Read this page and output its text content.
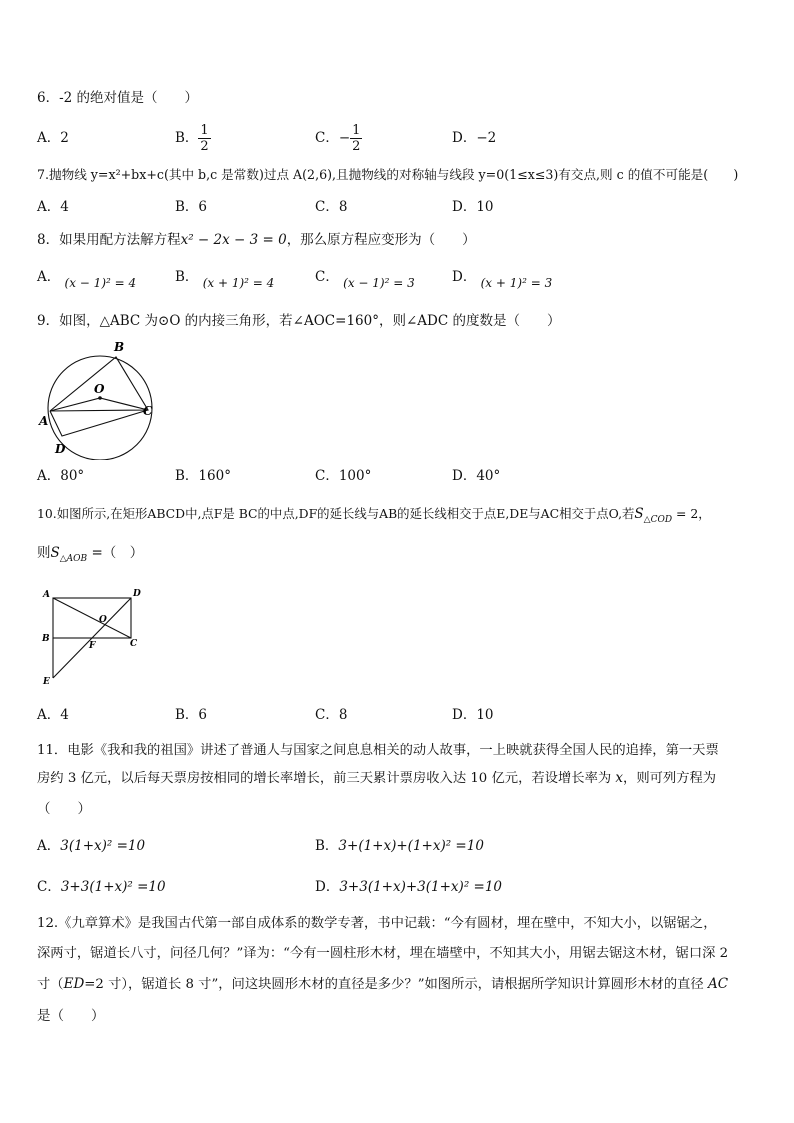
6．-2 的绝对值是（　　）
A．2	B． $\frac{1}{2}$	C．− $\frac{1}{2}$	D．−2
7.抛物线 y=x²+bx+c(其中 b,c 是常数)过点 A(2,6),且抛物线的对称轴与线段 y=0(1≤x≤3)有交点,则 c 的值不可能是(　　)
A．4	B．6	C．8	D．10
8．如果用配方法解方程x² − 2x − 3 = 0，那么原方程应变形为（　　）
A． (x − 1)² = 4	B． (x + 1)² = 4	C． (x − 1)² = 3	D． (x + 1)² = 3
9．如图，△ABC 为⊙O 的内接三角形，若∠AOC=160°，则∠ADC 的度数是（　　）
B
O
A
C
D
A．80°	B．160°	C．100°	D．40°
10.如图所示,在矩形ABCD中,点F是 BC的中点,DF的延长线与AB的延长线相交于点E,DE与AC相交于点O,若$S_{\triangle COD} = 2$，
则$S_{\triangle AOB}$ =（　）
A	D
O
B	C
F
E
A．4	B．6	C．8	D．10
11．电影《我和我的祖国》讲述了普通人与国家之间息息相关的动人故事，一上映就获得全国人民的追捧，第一天票
房约 3 亿元，以后每天票房按相同的增长率增长，前三天累计票房收入达 10 亿元，若设增长率为 x，则可列方程为
（　　）
A．3(1+x)² =10	B．3+(1+x)+(1+x)² =10
C．3+3(1+x)² =10	D．3+3(1+x)+3(1+x)² =10
12.《九章算术》是我国古代第一部自成体系的数学专著，书中记载：“今有圆材，埋在壁中，不知大小，以锯锯之，
深两寸，锯道长八寸，问径几何？”译为：“今有一圆柱形木材，埋在墙壁中，不知其大小，用锯去锯这木材，锯口深 2
寸（ED=2 寸），锯道长 8 寸”，问这块圆形木材的直径是多少？”如图所示，请根据所学知识计算圆形木材的直径 AC
是（　　）
